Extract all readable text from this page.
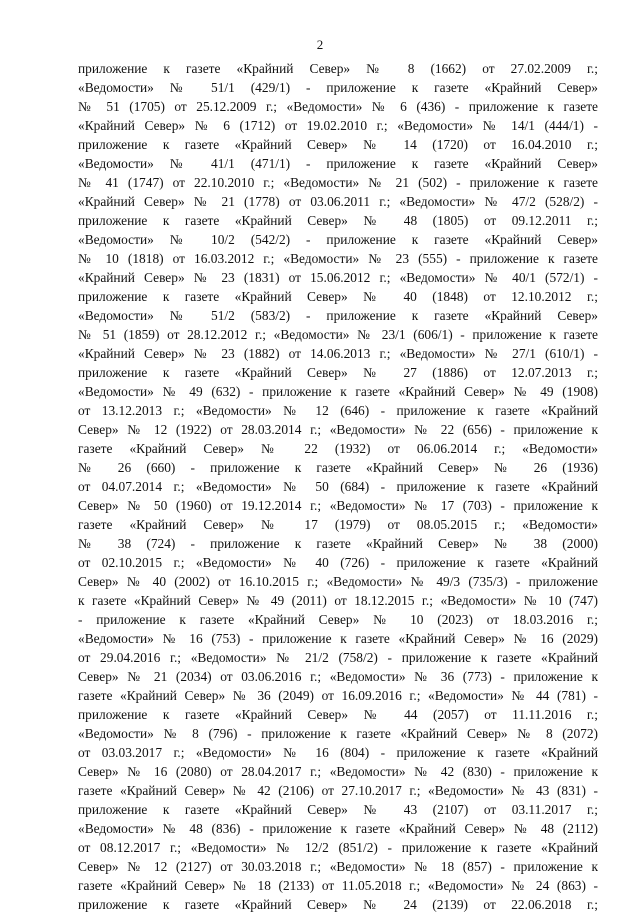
2
приложение к газете «Крайний Север» № 8 (1662) от 27.02.2009 г.;
«Ведомости» № 51/1 (429/1) - приложение к газете «Крайний Север»
№ 51 (1705) от 25.12.2009 г.; «Ведомости» № 6 (436) - приложение к газете
«Крайний Север» № 6 (1712) от 19.02.2010 г.; «Ведомости» № 14/1 (444/1) -
приложение к газете «Крайний Север» № 14 (1720) от 16.04.2010 г.;
«Ведомости» № 41/1 (471/1) - приложение к газете «Крайний Север»
№ 41 (1747) от 22.10.2010 г.; «Ведомости» № 21 (502) - приложение к газете
«Крайний Север» № 21 (1778) от 03.06.2011 г.; «Ведомости» № 47/2 (528/2) -
приложение к газете «Крайний Север» № 48 (1805) от 09.12.2011 г.;
«Ведомости» № 10/2 (542/2) - приложение к газете «Крайний Север»
№ 10 (1818) от 16.03.2012 г.; «Ведомости» № 23 (555) - приложение к газете
«Крайний Север» № 23 (1831) от 15.06.2012 г.; «Ведомости» № 40/1 (572/1) -
приложение к газете «Крайний Север» № 40 (1848) от 12.10.2012 г.;
«Ведомости» № 51/2 (583/2) - приложение к газете «Крайний Север»
№ 51 (1859) от 28.12.2012 г.; «Ведомости» № 23/1 (606/1) - приложение к газете
«Крайний Север» № 23 (1882) от 14.06.2013 г.; «Ведомости» № 27/1 (610/1) -
приложение к газете «Крайний Север» № 27 (1886) от 12.07.2013 г.;
«Ведомости» № 49 (632) - приложение к газете «Крайний Север» № 49 (1908)
от 13.12.2013 г.; «Ведомости» № 12 (646) - приложение к газете «Крайний
Север» № 12 (1922) от 28.03.2014 г.; «Ведомости» № 22 (656) - приложение к
газете «Крайний Север» № 22 (1932) от 06.06.2014 г.; «Ведомости»
№ 26 (660) - приложение к газете «Крайний Север» № 26 (1936)
от 04.07.2014 г.; «Ведомости» № 50 (684) - приложение к газете «Крайний
Север» № 50 (1960) от 19.12.2014 г.; «Ведомости» № 17 (703) - приложение к
газете «Крайний Север» № 17 (1979) от 08.05.2015 г.; «Ведомости»
№ 38 (724) - приложение к газете «Крайний Север» № 38 (2000)
от 02.10.2015 г.; «Ведомости» № 40 (726) - приложение к газете «Крайний
Север» № 40 (2002) от 16.10.2015 г.; «Ведомости» № 49/3 (735/3) - приложение
к газете «Крайний Север» № 49 (2011) от 18.12.2015 г.; «Ведомости» № 10 (747)
- приложение к газете «Крайний Север» № 10 (2023) от 18.03.2016 г.;
«Ведомости» № 16 (753) - приложение к газете «Крайний Север» № 16 (2029)
от 29.04.2016 г.; «Ведомости» № 21/2 (758/2) - приложение к газете «Крайний
Север» № 21 (2034) от 03.06.2016 г.; «Ведомости» № 36 (773) - приложение к
газете «Крайний Север» № 36 (2049) от 16.09.2016 г.; «Ведомости» № 44 (781) -
приложение к газете «Крайний Север» № 44 (2057) от 11.11.2016 г.;
«Ведомости» № 8 (796) - приложение к газете «Крайний Север» № 8 (2072)
от 03.03.2017 г.; «Ведомости» № 16 (804) - приложение к газете «Крайний
Север» № 16 (2080) от 28.04.2017 г.; «Ведомости» № 42 (830) - приложение к
газете «Крайний Север» № 42 (2106) от 27.10.2017 г.; «Ведомости» № 43 (831) -
приложение к газете «Крайний Север» № 43 (2107) от 03.11.2017 г.;
«Ведомости» № 48 (836) - приложение к газете «Крайний Север» № 48 (2112)
от 08.12.2017 г.; «Ведомости» № 12/2 (851/2) - приложение к газете «Крайний
Север» № 12 (2127) от 30.03.2018 г.; «Ведомости» № 18 (857) - приложение к
газете «Крайний Север» № 18 (2133) от 11.05.2018 г.; «Ведомости» № 24 (863) -
приложение к газете «Крайний Север» № 24 (2139) от 22.06.2018 г.;
